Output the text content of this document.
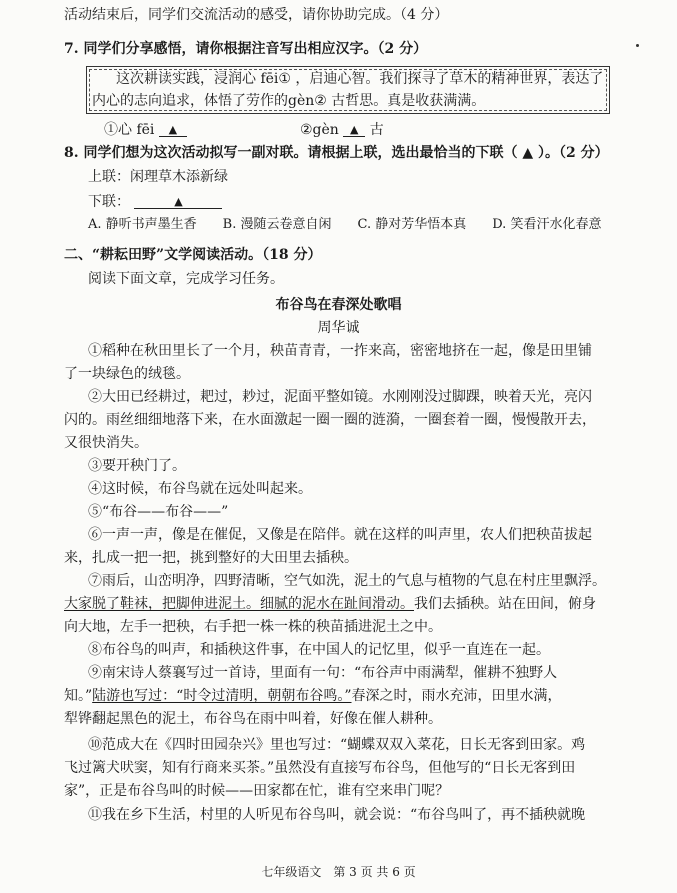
活动结束后，同学们交流活动的感受，请你协助完成。（4 分）
7. 同学们分享感悟，请你根据注音写出相应汉字。（2 分）
这次耕读实践，浸润心 fēi① ，启迪心智。我们探寻了草木的精神世界，表达了
内心的志向追求，体悟了劳作的gèn② 古哲思。真是收获满满。
①心 fēi ▲	②gèn ▲ 古
8. 同学们想为这次活动拟写一副对联。请根据上联，选出最恰当的下联（ ▲ ）。（2 分）
上联：闲理草木添新绿
下联：	▲
A. 静听书声墨生香　　B. 漫随云卷意自闲　　C. 静对芳华悟本真　　D. 笑看汗水化春意
二、“耕耘田野”文学阅读活动。（18 分）
阅读下面文章，完成学习任务。
布谷鸟在春深处歌唱
周华诚
①稻种在秋田里长了一个月，秧苗青青，一拃来高，密密地挤在一起，像是田里铺
了一块绿色的绒毯。
②大田已经耕过，耙过，耖过，泥面平整如镜。水刚刚没过脚踝，映着天光，亮闪
闪的。雨丝细细地落下来，在水面激起一圈一圈的涟漪，一圈套着一圈，慢慢散开去，
又很快消失。
③要开秧门了。
④这时候，布谷鸟就在远处叫起来。
⑤“布谷——布谷——”
⑥一声一声，像是在催促，又像是在陪伴。就在这样的叫声里，农人们把秧苗拔起
来，扎成一把一把，挑到整好的大田里去插秧。
⑦雨后，山峦明净，四野清晰，空气如洗，泥土的气息与植物的气息在村庄里飘浮。
大家脱了鞋袜，把脚伸进泥土。细腻的泥水在趾间滑动。我们去插秧。站在田间，俯身
向大地，左手一把秧，右手把一株一株的秧苗插进泥土之中。
⑧布谷鸟的叫声，和插秧这件事，在中国人的记忆里，似乎一直连在一起。
⑨南宋诗人蔡襄写过一首诗，里面有一句：“布谷声中雨满犁，催耕不独野人
知。”陆游也写过：“时令过清明，朝朝布谷鸣。”春深之时，雨水充沛，田里水满，
犁铧翻起黑色的泥土，布谷鸟在雨中叫着，好像在催人耕种。
⑩范成大在《四时田园杂兴》里也写过：“蝴蝶双双入菜花，日长无客到田家。鸡
飞过篱犬吠窦，知有行商来买茶。”虽然没有直接写布谷鸟，但他写的“日长无客到田
家”，正是布谷鸟叫的时候——田家都在忙，谁有空来串门呢？
⑪我在乡下生活，村里的人听见布谷鸟叫，就会说：“布谷鸟叫了，再不插秧就晚
七年级语文　第 3 页 共 6 页
